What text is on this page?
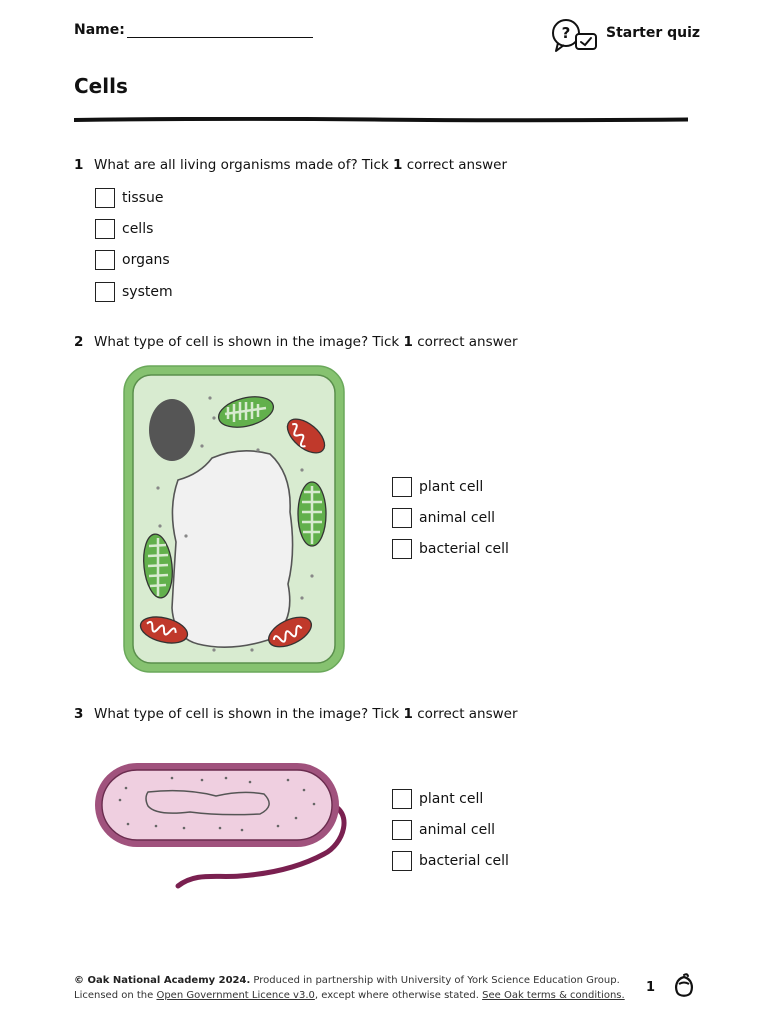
Name:	?	Starter quiz
Cells
1 What are all living organisms made of? Tick 1 correct answer
tissue
cells
organs
system
2 What type of cell is shown in the image? Tick 1 correct answer
plant cell
animal cell
bacterial cell
3 What type of cell is shown in the image? Tick 1 correct answer
plant cell
animal cell
bacterial cell
© Oak National Academy 2024. Produced in partnership with University of York Science Education Group.
Licensed on the Open Government Licence v3.0, except where otherwise stated. See Oak terms & conditions.
1
